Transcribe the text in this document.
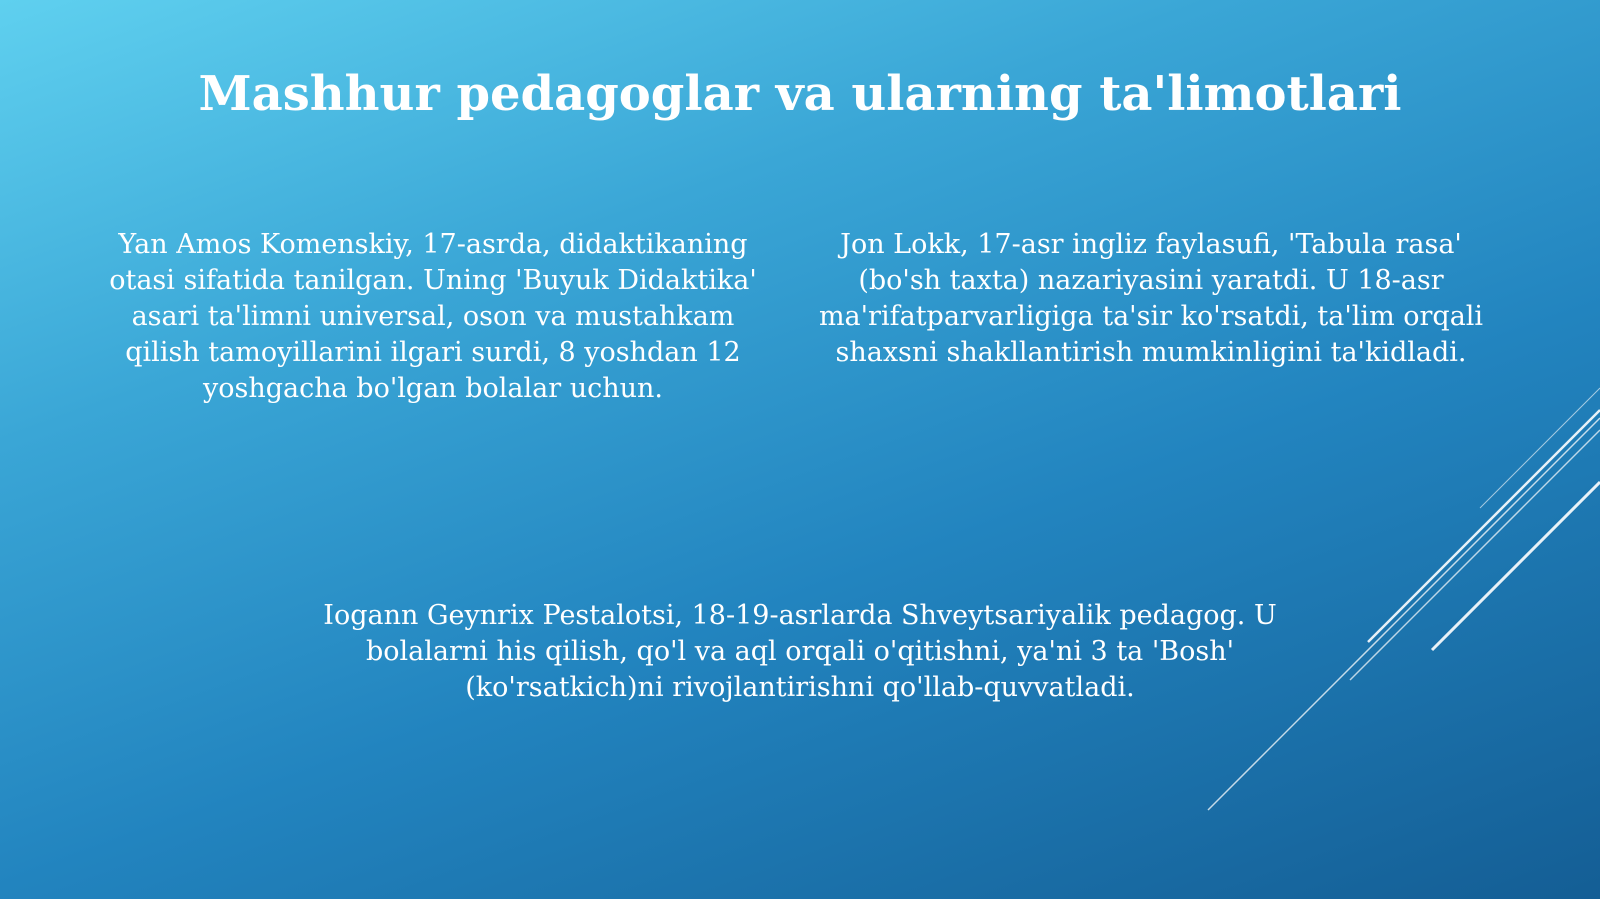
Mashhur pedagoglar va ularning ta'limotlari

Yan Amos Komenskiy, 17-asrda, didaktikaning otasi sifatida tanilgan. Uning 'Buyuk Didaktika' asari ta'limni universal, oson va mustahkam qilish tamoyillarini ilgari surdi, 8 yoshdan 12 yoshgacha bo'lgan bolalar uchun.

Jon Lokk, 17-asr ingliz faylasufi, 'Tabula rasa' (bo'sh taxta) nazariyasini yaratdi. U 18-asr ma'rifatparvarligiga ta'sir ko'rsatdi, ta'lim orqali shaxsni shakllantirish mumkinligini ta'kidladi.

Iogann Geynrix Pestalotsi, 18-19-asrlarda Shveytsariyalik pedagog. U bolalarni his qilish, qo'l va aql orqali o'qitishni, ya'ni 3 ta 'Bosh' (ko'rsatkich)ni rivojlantirishni qo'llab-quvvatladi.
